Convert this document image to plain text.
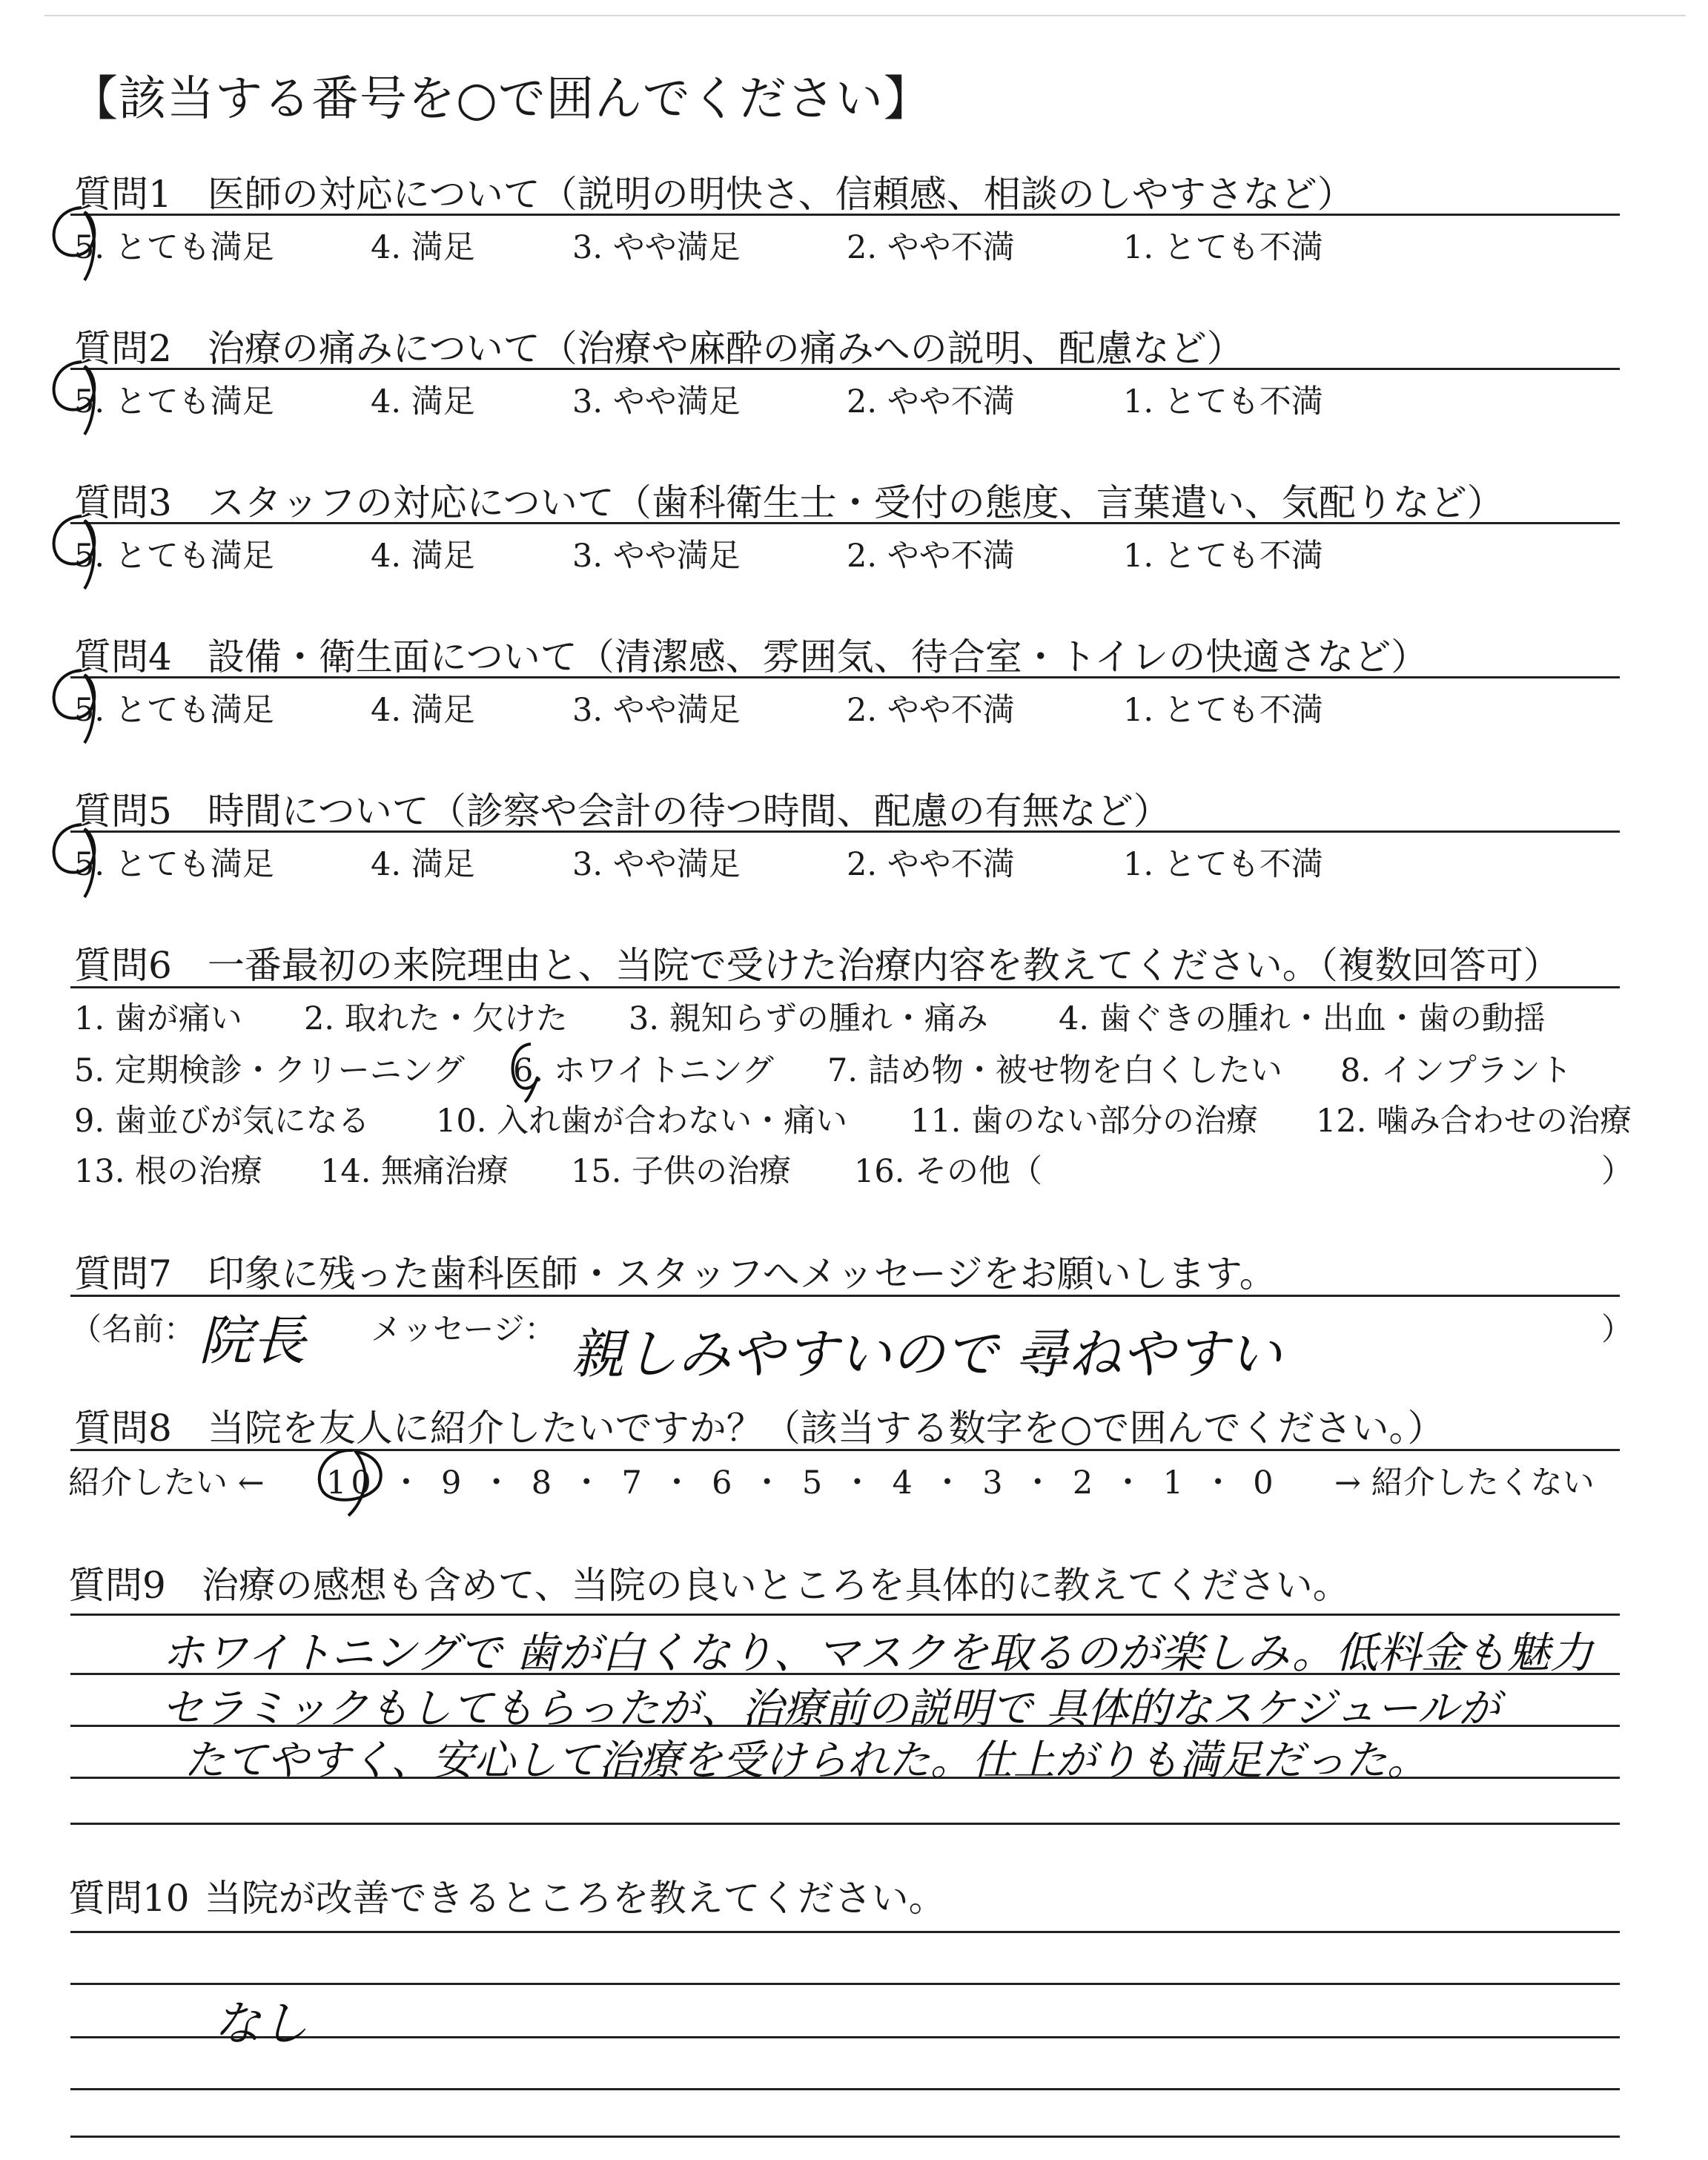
【該当する番号を○で囲んでください】
質問1 医師の対応について（説明の明快さ、信頼感、相談のしやすさなど）
5. とても満足	4. 満足	3. やや満足	2. やや不満	1. とても不満
質問2 治療の痛みについて（治療や麻酔の痛みへの説明、配慮など）
5. とても満足	4. 満足	3. やや満足	2. やや不満	1. とても不満
質問3 スタッフの対応について（歯科衛生士・受付の態度、言葉遣い、気配りなど）
5. とても満足	4. 満足	3. やや満足	2. やや不満	1. とても不満
質問4 設備・衛生面について（清潔感、雰囲気、待合室・トイレの快適さなど）
5. とても満足	4. 満足	3. やや満足	2. やや不満	1. とても不満
質問5 時間について（診察や会計の待つ時間、配慮の有無など）
5. とても満足	4. 満足	3. やや満足	2. やや不満	1. とても不満
質問6 一番最初の来院理由と、当院で受けた治療内容を教えてください。（複数回答可）
1. 歯が痛い 2. 取れた・欠けた 3. 親知らずの腫れ・痛み 4. 歯ぐきの腫れ・出血・歯の動揺
5. 定期検診・クリーニング 6. ホワイトニング 7. 詰め物・被せ物を白くしたい 8. インプラント
9. 歯並びが気になる 10. 入れ歯が合わない・痛い 11. 歯のない部分の治療 12. 噛み合わせの治療
13. 根の治療 14. 無痛治療 15. 子供の治療 16. その他（	）
質問7 印象に残った歯科医師・スタッフへメッセージをお願いします。
（名前： 院長 メッセージ： 親しみやすいので 尋ねやすい	）
質問8 当院を友人に紹介したいですか？（該当する数字を○で囲んでください。）
紹介したい ← 10 ・ 9 ・ 8 ・ 7 ・ 6 ・ 5 ・ 4 ・ 3 ・ 2 ・ 1 ・ 0 → 紹介したくない
質問9 治療の感想も含めて、当院の良いところを具体的に教えてください。
ホワイトニングで 歯が白くなり、マスクを取るのが楽しみ。低料金も魅力
セラミックもしてもらったが、治療前の説明で 具体的なスケジュールが
たてやすく、安心して治療を受けられた。仕上がりも満足だった。
質問10 当院が改善できるところを教えてください。
なし
